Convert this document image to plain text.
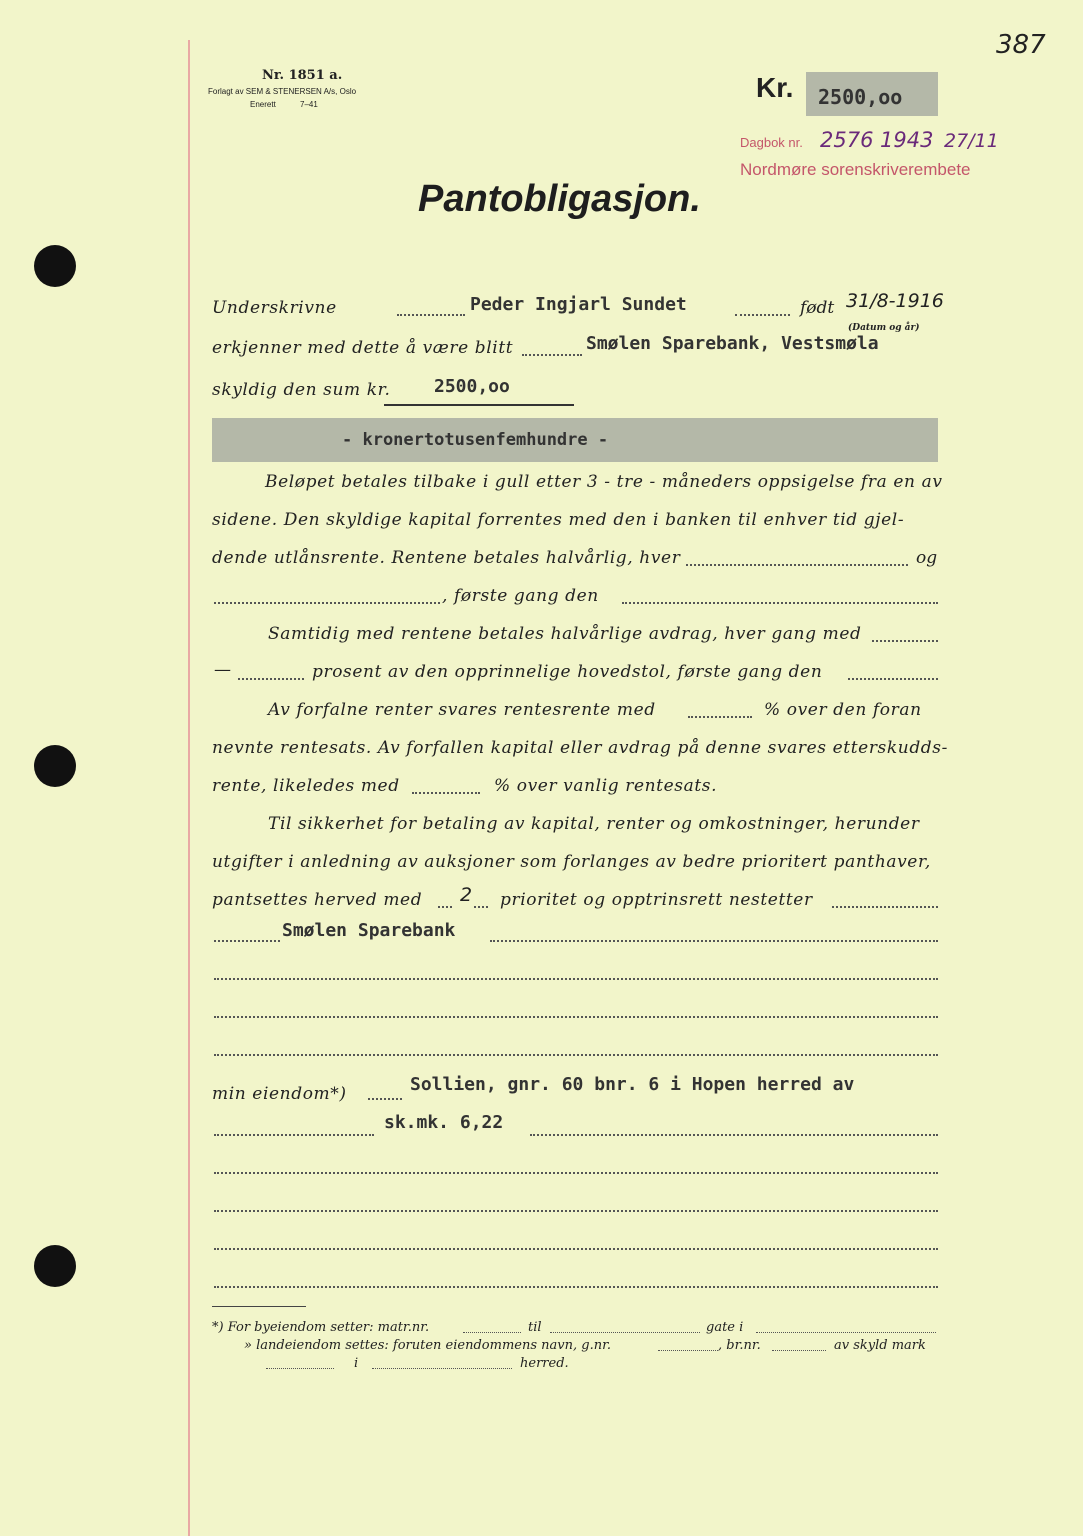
387
Nr. 1851 a.
Forlagt av SEM & STENERSEN A/s, Oslo
Enerett	7–41
Kr. 2500,oo
Dagbok nr. 2576 1943 27/11
Nordmøre sorenskriverembete
Pantobligasjon.
Underskrivne	Peder Ingjarl Sundet	født 31/8-1916
(Datum og år)
erkjenner med dette å være blitt	Smølen Sparebank, Vestsmøla
skyldig den sum kr.	2500,oo
- kronertotusenfemhundre -
Beløpet betales tilbake i gull etter 3 - tre - måneders oppsigelse fra en av
sidene. Den skyldige kapital forrentes med den i banken til enhver tid gjel-
dende utlånsrente. Rentene betales halvårlig, hver	og
, første gang den
Samtidig med rentene betales halvårlige avdrag, hver gang med
—	prosent av den opprinnelige hovedstol, første gang den
Av forfalne renter svares rentesrente med	% over den foran
nevnte rentesats. Av forfallen kapital eller avdrag på denne svares etterskudds-
rente, likeledes med	% over vanlig rentesats.
Til sikkerhet for betaling av kapital, renter og omkostninger, herunder
utgifter i anledning av auksjoner som forlanges av bedre prioritert panthaver,
pantsettes herved med 2 prioritet og opptrinsrett nestetter
Smølen Sparebank
min eiendom*)	Sollien, gnr. 60 bnr. 6 i Hopen herred av
sk.mk. 6,22
*) For byeiendom setter: matr.nr.	til	gate i
» landeiendom settes: foruten eiendommens navn, g.nr.	, br.nr.	av skyld mark
i	herred.
